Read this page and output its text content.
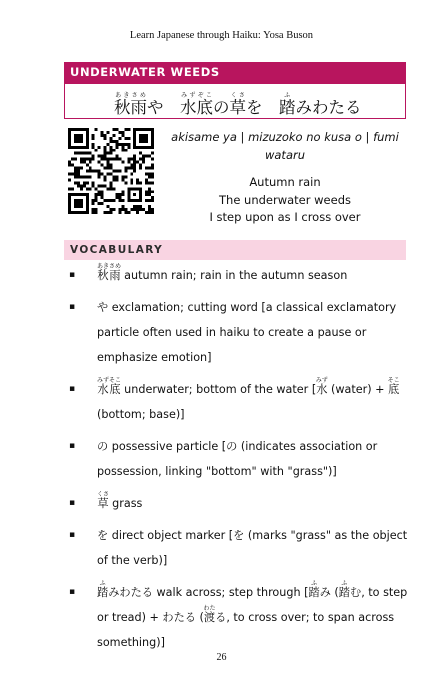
Learn Japanese through Haiku: Yosa Buson
UNDERWATER WEEDS
秋雨あきさめや　水底みずぞこの草くさを　踏ふみわたる
akisame ya | mizuzoko no kusa o | fumi wataru
Autumn rain
The underwater weeds
I step upon as I cross over
VOCABULARY
▪ 秋雨あきさめ autumn rain; rain in the autumn season
▪ や exclamation; cutting word [a classical exclamatory particle often used in haiku to create a pause or emphasize emotion]
▪ 水底みずそこ underwater; bottom of the water [水みず (water) + 底そこ (bottom; base)]
▪ の possessive particle [の (indicates association or possession, linking "bottom" with "grass")]
▪ 草くさ grass
▪ を direct object marker [を (marks "grass" as the object of the verb)]
▪ 踏ふみわたる walk across; step through [踏ふみ (踏ふむ, to step or tread) + わたる (渡わたる, to cross over; to span across something)]
26
